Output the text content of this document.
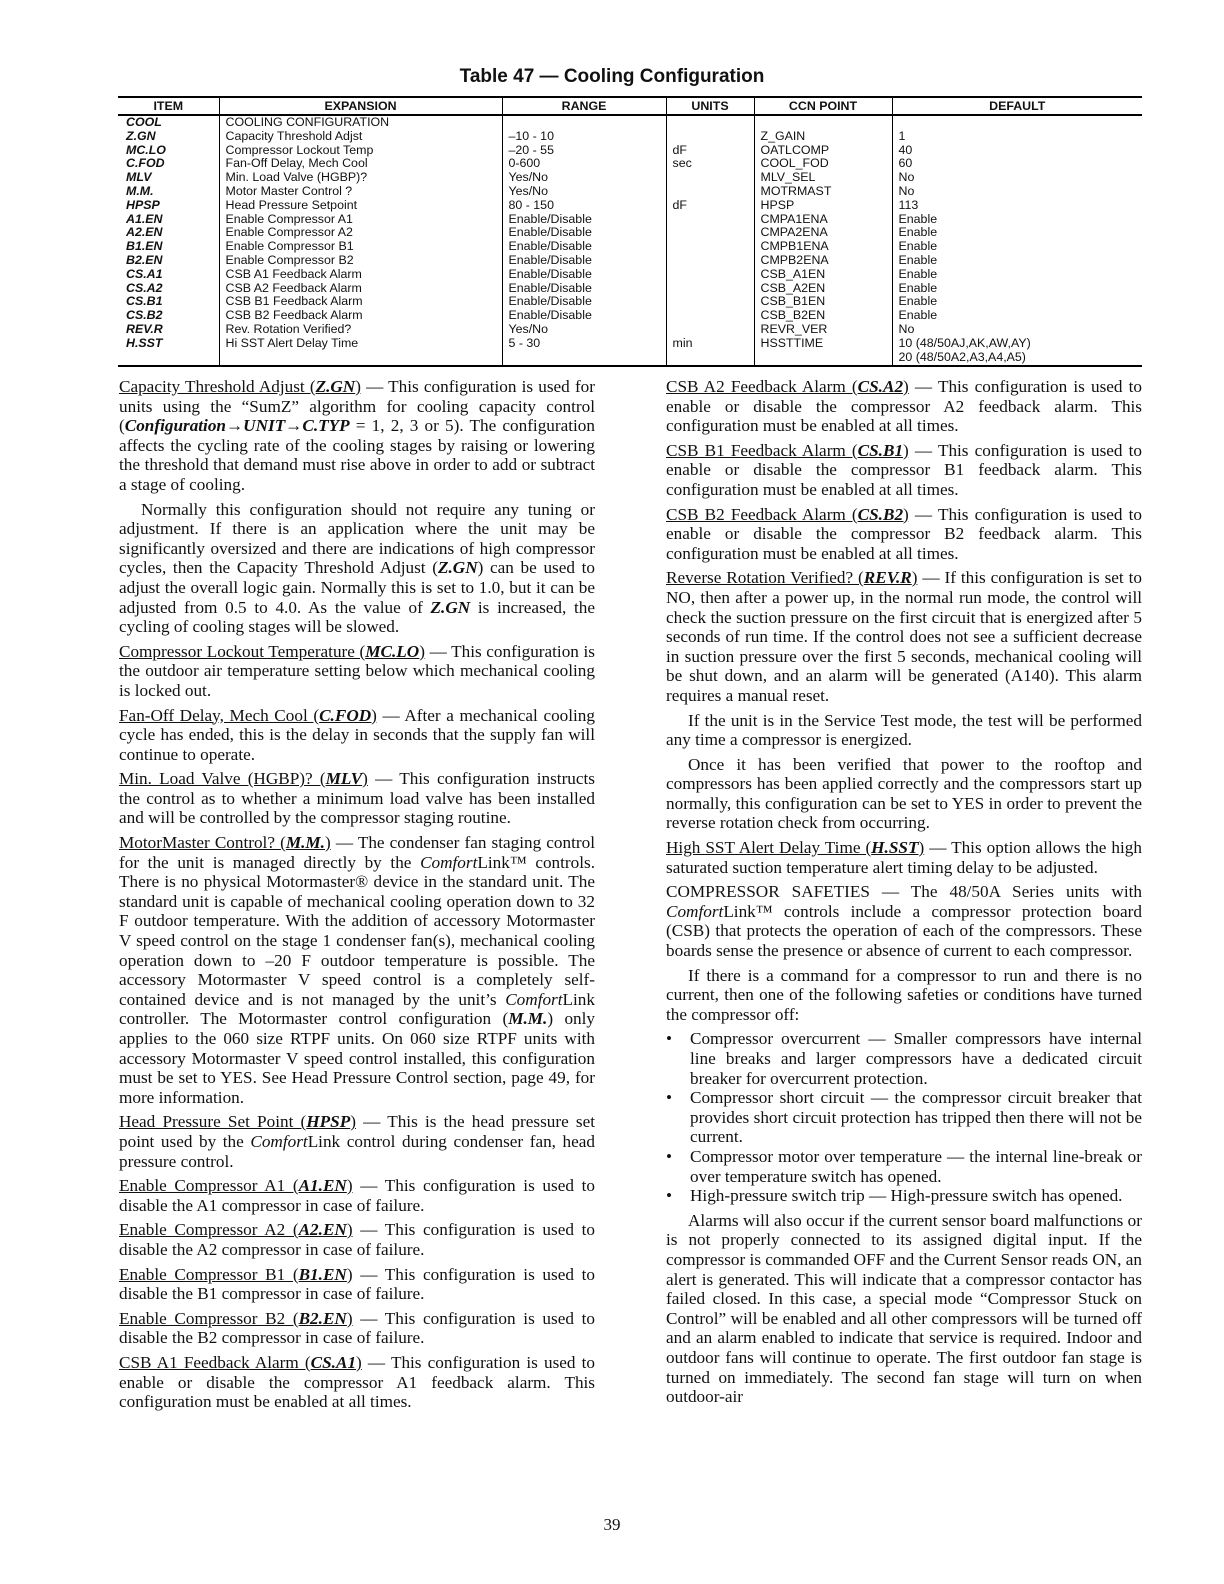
Table 47 — Cooling Configuration
ITEM	EXPANSION	RANGE	UNITS	CCN POINT	DEFAULT
COOL	COOLING CONFIGURATION				
Z.GN	Capacity Threshold Adjst	–10 - 10		Z_GAIN	1
MC.LO	Compressor Lockout Temp	–20 - 55	dF	OATLCOMP	40
C.FOD	Fan-Off Delay, Mech Cool	0-600	sec	COOL_FOD	60
MLV	Min. Load Valve (HGBP)?	Yes/No		MLV_SEL	No
M.M.	Motor Master Control ?	Yes/No		MOTRMAST	No
HPSP	Head Pressure Setpoint	80 - 150	dF	HPSP	113
A1.EN	Enable Compressor A1	Enable/Disable		CMPA1ENA	Enable
A2.EN	Enable Compressor A2	Enable/Disable		CMPA2ENA	Enable
B1.EN	Enable Compressor B1	Enable/Disable		CMPB1ENA	Enable
B2.EN	Enable Compressor B2	Enable/Disable		CMPB2ENA	Enable
CS.A1	CSB A1 Feedback Alarm	Enable/Disable		CSB_A1EN	Enable
CS.A2	CSB A2 Feedback Alarm	Enable/Disable		CSB_A2EN	Enable
CS.B1	CSB B1 Feedback Alarm	Enable/Disable		CSB_B1EN	Enable
CS.B2	CSB B2 Feedback Alarm	Enable/Disable		CSB_B2EN	Enable
REV.R	Rev. Rotation Verified?	Yes/No		REVR_VER	No
H.SST	Hi SST Alert Delay Time	5 - 30	min	HSSTTIME	10 (48/50AJ,AK,AW,AY)
					20 (48/50A2,A3,A4,A5)

Capacity Threshold Adjust (Z.GN) — This configuration is used for units using the “SumZ” algorithm for cooling capacity control (Configuration→UNIT→C.TYP = 1, 2, 3 or 5). The configuration affects the cycling rate of the cooling stages by raising or lowering the threshold that demand must rise above in order to add or subtract a stage of cooling.

Normally this configuration should not require any tuning or adjustment. If there is an application where the unit may be significantly oversized and there are indications of high compressor cycles, then the Capacity Threshold Adjust (Z.GN) can be used to adjust the overall logic gain. Normally this is set to 1.0, but it can be adjusted from 0.5 to 4.0. As the value of Z.GN is increased, the cycling of cooling stages will be slowed.

Compressor Lockout Temperature (MC.LO) — This configuration is the outdoor air temperature setting below which mechanical cooling is locked out.

Fan-Off Delay, Mech Cool (C.FOD) — After a mechanical cooling cycle has ended, this is the delay in seconds that the supply fan will continue to operate.

Min. Load Valve (HGBP)? (MLV) — This configuration instructs the control as to whether a minimum load valve has been installed and will be controlled by the compressor staging routine.

MotorMaster Control? (M.M.) — The condenser fan staging control for the unit is managed directly by the ComfortLink™ controls. There is no physical Motormaster® device in the standard unit. The standard unit is capable of mechanical cooling operation down to 32 F outdoor temperature. With the addition of accessory Motormaster V speed control on the stage 1 condenser fan(s), mechanical cooling operation down to –20 F outdoor temperature is possible. The accessory Motormaster V speed control is a completely self-contained device and is not managed by the unit’s ComfortLink controller. The Motormaster control configuration (M.M.) only applies to the 060 size RTPF units. On 060 size RTPF units with accessory Motormaster V speed control installed, this configuration must be set to YES. See Head Pressure Control section, page 49, for more information.

Head Pressure Set Point (HPSP) — This is the head pressure set point used by the ComfortLink control during condenser fan, head pressure control.

Enable Compressor A1 (A1.EN) — This configuration is used to disable the A1 compressor in case of failure.

Enable Compressor A2 (A2.EN) — This configuration is used to disable the A2 compressor in case of failure.

Enable Compressor B1 (B1.EN) — This configuration is used to disable the B1 compressor in case of failure.

Enable Compressor B2 (B2.EN) — This configuration is used to disable the B2 compressor in case of failure.

CSB A1 Feedback Alarm (CS.A1) — This configuration is used to enable or disable the compressor A1 feedback alarm. This configuration must be enabled at all times.

CSB A2 Feedback Alarm (CS.A2) — This configuration is used to enable or disable the compressor A2 feedback alarm. This configuration must be enabled at all times.

CSB B1 Feedback Alarm (CS.B1) — This configuration is used to enable or disable the compressor B1 feedback alarm. This configuration must be enabled at all times.

CSB B2 Feedback Alarm (CS.B2) — This configuration is used to enable or disable the compressor B2 feedback alarm. This configuration must be enabled at all times.

Reverse Rotation Verified? (REV.R) — If this configuration is set to NO, then after a power up, in the normal run mode, the control will check the suction pressure on the first circuit that is energized after 5 seconds of run time. If the control does not see a sufficient decrease in suction pressure over the first 5 seconds, mechanical cooling will be shut down, and an alarm will be generated (A140). This alarm requires a manual reset.

If the unit is in the Service Test mode, the test will be performed any time a compressor is energized.

Once it has been verified that power to the rooftop and compressors has been applied correctly and the compressors start up normally, this configuration can be set to YES in order to prevent the reverse rotation check from occurring.

High SST Alert Delay Time (H.SST) — This option allows the high saturated suction temperature alert timing delay to be adjusted.

COMPRESSOR SAFETIES — The 48/50A Series units with ComfortLink™ controls include a compressor protection board (CSB) that protects the operation of each of the compressors. These boards sense the presence or absence of current to each compressor.

If there is a command for a compressor to run and there is no current, then one of the following safeties or conditions have turned the compressor off:

• Compressor overcurrent — Smaller compressors have internal line breaks and larger compressors have a dedicated circuit breaker for overcurrent protection.
• Compressor short circuit — the compressor circuit breaker that provides short circuit protection has tripped then there will not be current.
• Compressor motor over temperature — the internal line-break or over temperature switch has opened.
• High-pressure switch trip — High-pressure switch has opened.

Alarms will also occur if the current sensor board malfunctions or is not properly connected to its assigned digital input. If the compressor is commanded OFF and the Current Sensor reads ON, an alert is generated. This will indicate that a compressor contactor has failed closed. In this case, a special mode “Compressor Stuck on Control” will be enabled and all other compressors will be turned off and an alarm enabled to indicate that service is required. Indoor and outdoor fans will continue to operate. The first outdoor fan stage is turned on immediately. The second fan stage will turn on when outdoor-air

39
